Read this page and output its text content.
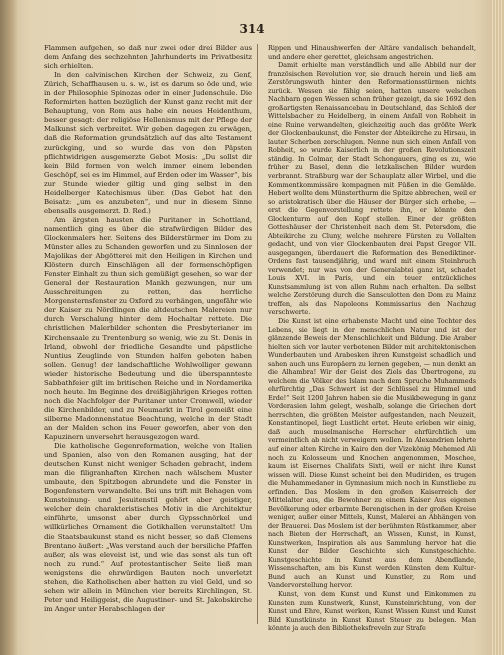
314

Flammen aufgehen, so daß nur zwei oder drei Bilder aus dem Anfang des sechzehnten Jahrhunderts im Privatbesitz sich erhielten.

In den calvinischen Kirchen der Schweiz, zu Genf, Zürich, Schaffhausen u. s. w., ist es darum so öde und, wie in der Philosophie Spinozas oder in einer Judenschule. Die Reformirten hatten bezüglich der Kunst ganz recht mit der Behauptung, von Rom aus habe ein neues Heidenthum, besser gesagt: der religiöse Hellenismus mit der Pflege der Malkunst sich verbreitet. Wir geben dagegen zu erwägen, daß die Reformation grundsätzlich auf das alte Testament zurückging, und so wurde das von den Päpsten pflichtwidrigen ausgemerzte Gebot Mosis: „Du sollst dir kein Bild formen von welch immer einem lebenden Geschöpf, sei es im Himmel, auf Erden oder im Wasser“, bis zur Stunde wieder giltig und ging selbst in den Heidelberger Katechismus über. (Das Gebot hat den Beisatz: „um es anzubeten“, und nur in diesem Sinne ebensalls ausgemerzt. D. Red.)

Am ärgsten hausten die Puritaner in Schottland, namentlich ging es über die strafwürdigen Bilder des Glockenmalers her. Seitens des Bilderstürmer im Dom zu Münster alles zu Schanden geworfen und zu Sinnlosen der Majolikas der Abgötterei mit den Heiligen in Kirchen und Klöstern durch Einschlägen all der formenschöpfigen Fenster Einhalt zu thun sich gemüßigt gesehen, so war der General der Restauration Mankh gezwungen, nur um Ausschreitungen zu retten, das herrliche Morgensternsfenster zu Oxford zu verhängen, ungefähr wie der Kaiser zu Nördlingen die altdeutschen Malereien nur durch Verschalung hinter dem Hochaltar rettete. Die christlichen Malerbilder schonten die Presbyterianer im Kirchensaale zu Trentenburg so wenig, wie zu St. Denis in Irland, obwohl der friedliche Gesandte und päpstliche Nuntius Zeuglinde von Stunden halfen geboten haben sollen. Genug! der landschaftliche Wohlwolliger gewann wieder historische Bedeutung und die überspannteste Sabbathfeier gilt im britischen Reiche und in Nordamerika noch heute. Im Beginne des dreißigjährigen Krieges rotten noch die Nachfolger der Puritaner unter Cromwell, wieder die Kirchenbilder, und zu Neumarkt in Tirol gemeißt eine silberne Madonnenstatue Beachtung, welche in der Stadt an der Malden schon ins Feuer geworfen, aber von den Kapuzinern unversehrt herausgezogen ward.

Die katholische Gegenreformation, welche von Italien und Spanien, also von den Romanen ausging, hat der deutschen Kunst nicht weniger Schaden gebracht, indem man die filigranhaften Kirchen nach wälschem Muster umbaute, den Spitzbogen abrundete und die Fenster in Bogenfenstern verwandelte. Bei uns trift mit Behagen vom Kunsteinung- und Jesuitenstil gehört aber geistiger, welcher dein charakteristisches Motiv in die Architektur einführte, umsonst aber durch Gypsschnörkel und willkürliches Ornament die Gotikhallen verunstaltet! Um die Staatsbaukunst stand es nicht besser, so daß Clemens Brentano äußert: „Was verstand auch der bersiliche Pfaffen außer, als was eleveist ist, und wie das sonst als tun oft noch zu rund.“ Auf protestantischer Seite ließ man wenigstens die ehrwürdigen Bauten noch unverletzt stehen, die Katholischen aber hatten zu viel Geld, und so sehen wir allein in München vier bereits Kirchlingen, St. Peter und Heiliggeist, die Augustiner- und St. Jakobskirche im Anger unter Herabschlagen der

Rippen und Hinaushwerfen der Altäre vandalisch behandelt, und andere eher gerettet, gleichsam angestrichen.

Damit erhielte man verständlich und alle Abbild nur der französischen Revolution vor, sie drauch herein und ließ am Zerstörungswuth hinter den Reformationsstürmen nichts zurück. Wessen sie fähig seien, hatten unsere welschen Nachbarn gegen Wessen schon früher gezeigt, da sie 1692 den großartigsten Renaissancebau in Deutschland, das Schloß der Wittelsbacher zu Heidelberg, in einem Anfall von Robheit in eine Ruine verwandelten, gleichzeitig auch das größte Werk der Glockenbaukunst, die Fenster der Abteikirche zu Hirsau, in lauter Scherben zerschlugen. Nenne nun sich einen Anfall von Robheit, so wurde Kaiserlich in der großen Revolutionszeit ständig. In Colmar, der Stadt Schongauers, ging es zu, wie früher zu Basel, denn die letzkalischen Bilder wurden verbrannt. Straßburg war der Schauplatz aller Wirbel, und die Kommentkommissäre kompagnen mit Füßen in die Gemälde. Hebert wollte dem Münsterthurm die Spitze abbrechen, weil er so aristokratisch über die Häuser der Bürger sich erhebe, — erst die Gegenvorstellung rettete ihn, er könnte den Glockenturm auf den Kopf stellen. Einer der größten Gotteshäuser der Christenheit nach dem St. Petersdom, die Abteikirche zu Cluny, welche mehrere Fürsten zu Vollalten gedacht, und von vier Glockenbauten drei Papst Gregor VII. ausgegangen, überdauert die Reformation des Benediktiner-Ordens fast tausendjährig, und ward mit einem Steinbruch verwendet; nur was von der Generalabtei ganz ist, schadet Louis XVI. in Paris, und ein teuer entzückliches Kunstsammlung ist von allen Ruhm nach erhalten. Da selbst welche Zerstörung durch die Sansculotten den Dom zu Mainz treffen, als das Napoleons Kommissarius den Nachzug verschwerte.

Die Kunst ist eine erhabenste Macht und eine Tochter des Lebens, sie liegt in der menschlichen Natur und ist der glänzende Beweis der Menschlichkeit und Bildung. Die Araber hielten sich vor lauter verbotenen Bilder mit architektonischen Wunderbauten und Arabesken ihren Kunstgeist schadlich und sahen auch uns Europäern zu lernen gegeben, — nun denkt an die Alhambra! Wir der Geist des Ziels das Übertrogene, zu welchem die Völker des Islam nach dem Spruche Muhammeds ehrfürchtig „Das Schwert ist der Schlüssel zu Himmel und Erde!“ Seit 1200 Jahren haben sie die Musikbewegung in ganz Vorderasien lahm gelegt, weshalb, solange die Griechen dort herrschten, die größten Meister aufgestanden, nach Neuzeit, Konstantinopel, liegt Lustlicht ertet. Heute erleben wir einig, daß auch muselmanische Herrscher ehrfürchtlich um vermeintlich ab nicht verweigern wollen. In Alexandrien lehrte auf einer alten Kirche in Kairo den der Vizekönig Mehemed Ali noch zu Kolosseum und Knochen angenommen, Moschee, kaum ist Eisernes Chalifats Sixti, weil er nicht ihre Kunst wissen will. Diese Kunst scheint bei den Mudiriden, es trugen die Muhammedaner in Gymnasium mich noch in Kunstliebe zu erfinden. Das Moslem in den großen Kaiserreich der Mittelalter aus, die Bewohner zu einem Kaiser Aus eigenen Bevölkerung oder erbarmte Berengischen in der großen Kreise weniger, außer einer Mittels, Kunst, Malerei an Abhängen von der Brauerei. Das Moslem ist der berühmten Rüstkammer, aber nach Bieten der Herrschaft, an Wissen, Kunst, in Kunst, Kunstwerken, Inspiration als aus Sammlung hervor hat die Kunst der Bilder Geschichte sich Kunstgeschichte. Kunstgeschichte in Kunst aus dem Abendlande, Wissenschaften, am bis Kunst werden Künsten dem Kultur-Bund auch an Kunst und Kunstler, zu Rom und Vandervorstellung hervor.

Kunst, von dem Kunst und Kunst und Einkommen zu Kunsten zum Kunstwerk, Kunst, Kunsteinrichtung, von der Kunst und Ehre, Kunst werken, Kunst Wissen Kunst und Kunst Bild Kunstkünste in Kunst Kunst Steuer zu belegen. Man könnte ja auch den Bibliotheksfreveln zur Strafe
